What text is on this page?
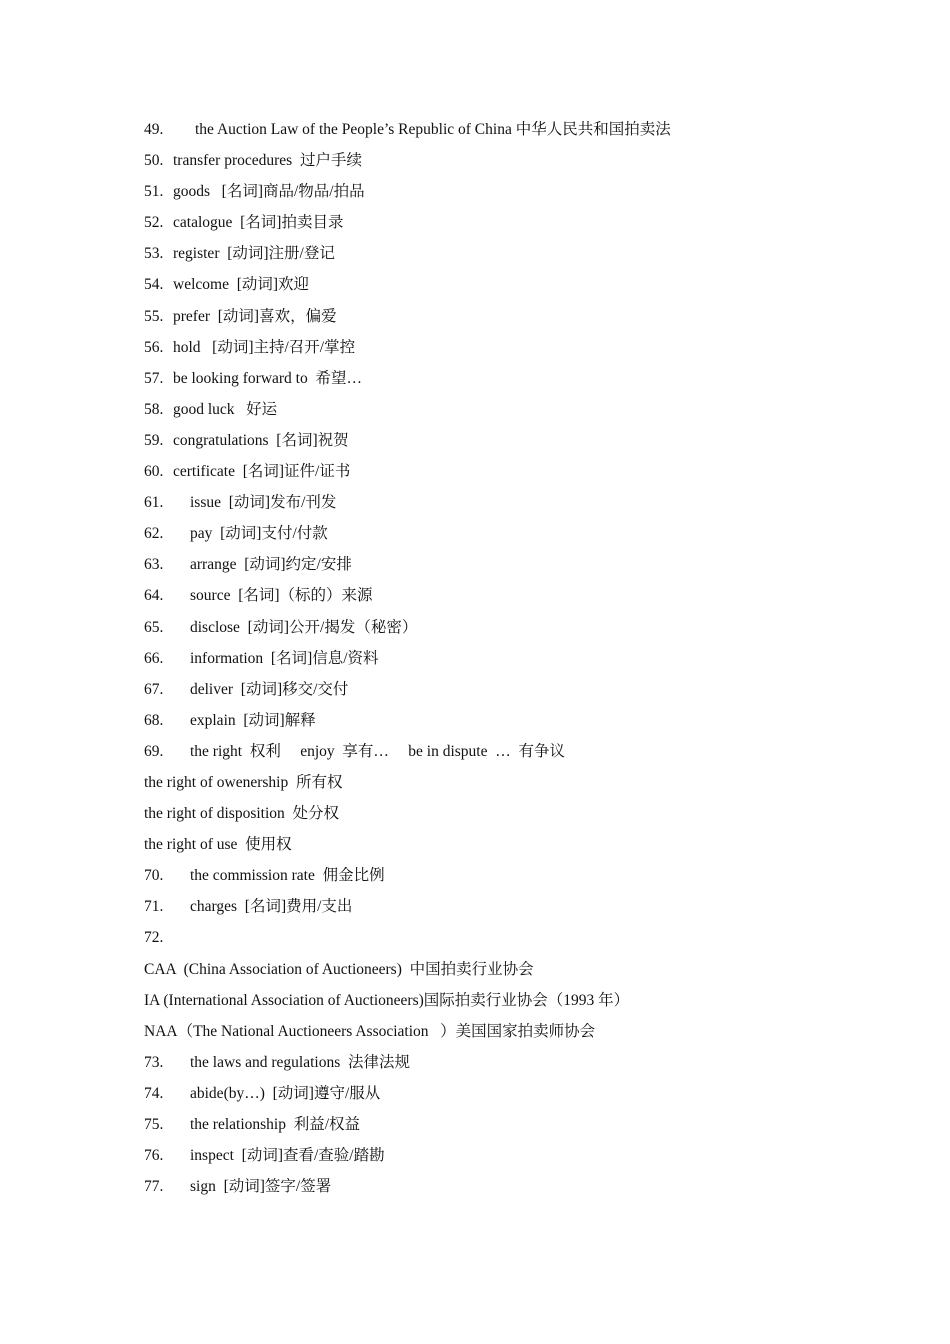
49. the Auction Law of the People’s Republic of China 中华人民共和国拍卖法
50. transfer procedures  过户手续
51. goods   [名词]商品/物品/拍品
52. catalogue  [名词]拍卖目录
53. register  [动词]注册/登记
54. welcome  [动词]欢迎
55. prefer  [动词]喜欢，偏爱
56. hold   [动词]主持/召开/掌控
57. be looking forward to  希望…
58. good luck   好运
59. congratulations  [名词]祝贺
60. certificate  [名词]证件/证书
61. issue  [动词]发布/刊发
62. pay  [动词]支付/付款
63. arrange  [动词]约定/安排
64. source  [名词]（标的）来源
65. disclose  [动词]公开/揭发（秘密）
66. information  [名词]信息/资料
67. deliver  [动词]移交/交付
68. explain  [动词]解释
69. the right  权利     enjoy  享有…     be in dispute  …  有争议
the right of owenership  所有权
the right of disposition  处分权
the right of use  使用权
70. the commission rate  佣金比例
71. charges  [名词]费用/支出
72.
CAA  (China Association of Auctioneers)  中国拍卖行业协会
IA (International Association of Auctioneers)国际拍卖行业协会（1993 年）
NAA（The National Auctioneers Association   ）美国国家拍卖师协会
73. the laws and regulations  法律法规
74. abide(by…)  [动词]遵守/服从
75. the relationship  利益/权益
76. inspect  [动词]查看/查验/踏勘
77. sign  [动词]签字/签署
